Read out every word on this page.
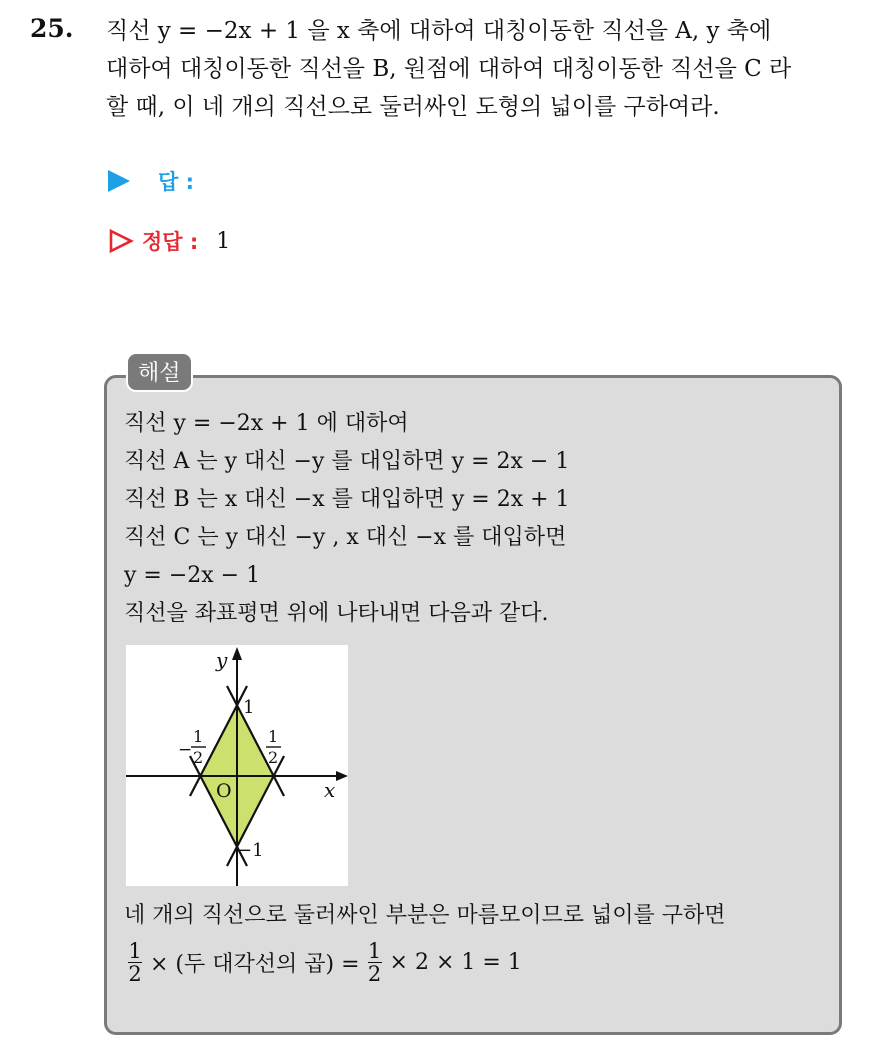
25. 직선 y = −2x + 1 을 x 축에 대하여 대칭이동한 직선을 A, y 축에
대하여 대칭이동한 직선을 B, 원점에 대하여 대칭이동한 직선을 C 라
할 때, 이 네 개의 직선으로 둘러싸인 도형의 넓이를 구하여라.
답 :
정답 : 1
해설
직선 y = −2x + 1 에 대하여
직선 A 는 y 대신 −y 를 대입하면 y = 2x − 1
직선 B 는 x 대신 −x 를 대입하면 y = 2x + 1
직선 C 는 y 대신 −y , x 대신 −x 를 대입하면
y = −2x − 1
직선을 좌표평면 위에 나타내면 다음과 같다.
y
x
O
1
−1
−
1
2
1
2
네 개의 직선으로 둘러싸인 부분은 마름모이므로 넓이를 구하면
$\frac{1}{2}$ × (두 대각선의 곱) = $\frac{1}{2} \times 2 \times 1 = 1$
